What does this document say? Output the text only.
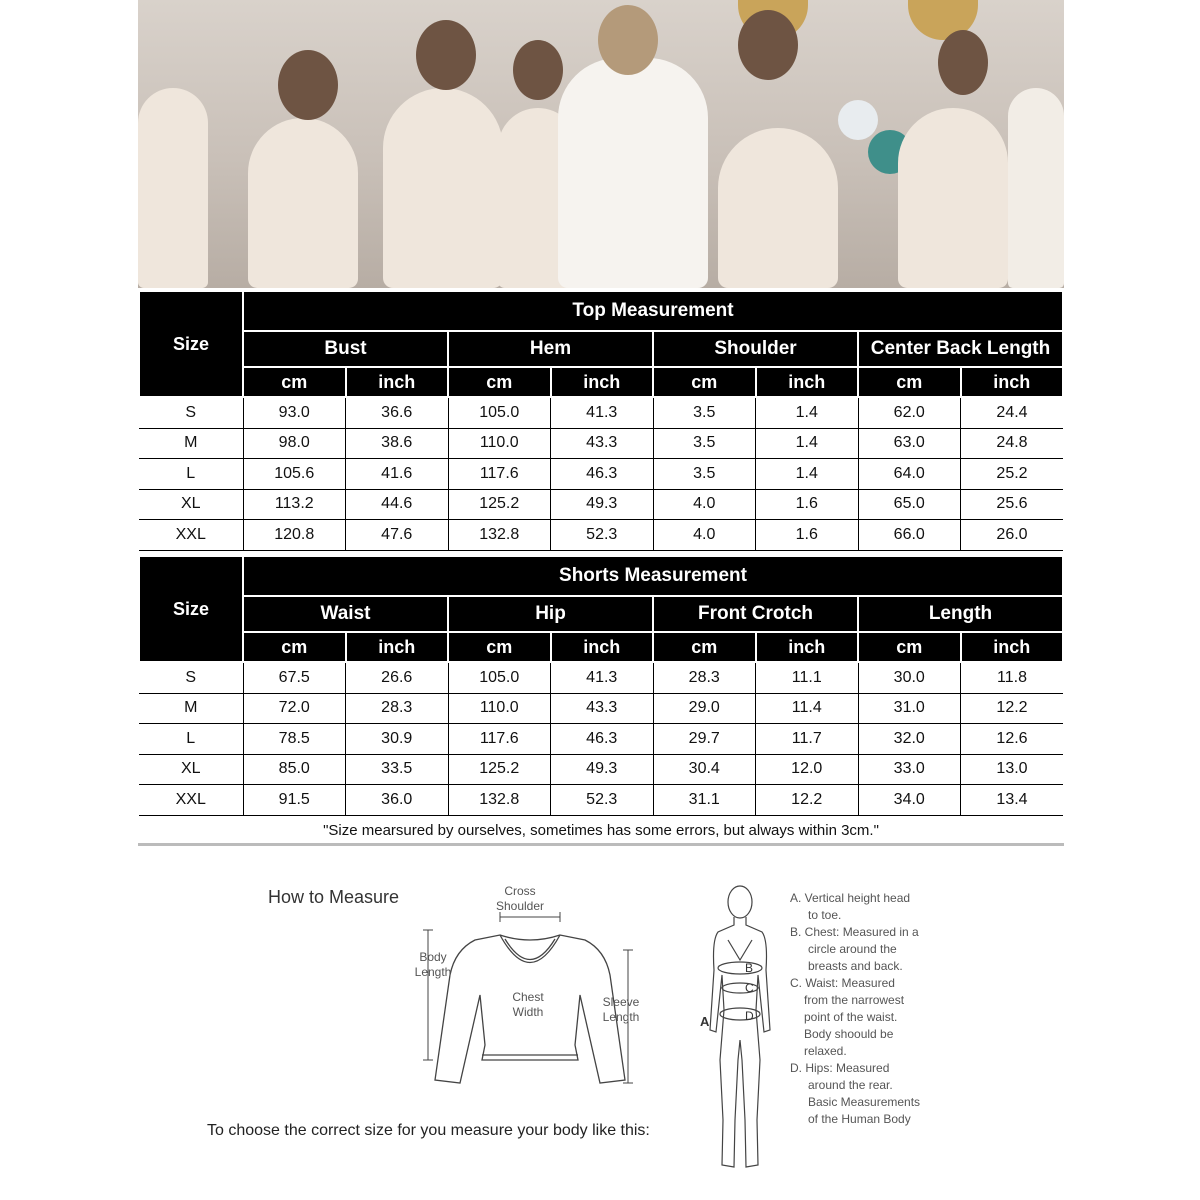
Size	Top Measurement							
	Bust		Hem		Shoulder		Center Back Length	
	cm	inch	cm	inch	cm	inch	cm	inch
S	93.0	36.6	105.0	41.3	3.5	1.4	62.0	24.4
M	98.0	38.6	110.0	43.3	3.5	1.4	63.0	24.8
L	105.6	41.6	117.6	46.3	3.5	1.4	64.0	25.2
XL	113.2	44.6	125.2	49.3	4.0	1.6	65.0	25.6
XXL	120.8	47.6	132.8	52.3	4.0	1.6	66.0	26.0
Size	Shorts Measurement							
	Waist		Hip		Front Crotch		Length	
	cm	inch	cm	inch	cm	inch	cm	inch
S	67.5	26.6	105.0	41.3	28.3	11.1	30.0	11.8
M	72.0	28.3	110.0	43.3	29.0	11.4	31.0	12.2
L	78.5	30.9	117.6	46.3	29.7	11.7	32.0	12.6
XL	85.0	33.5	125.2	49.3	30.4	12.0	33.0	13.0
XXL	91.5	36.0	132.8	52.3	31.1	12.2	34.0	13.4
"Size mearsured by ourselves, sometimes has some errors, but always within 3cm."
How to Measure	Cross
Shoulder
Body
Length
Chest
Width
Sleeve
Length
To choose the correct size for you measure your body like this:
B
C
D
A
A. Vertical height head
to toe.
B. Chest: Measured in a
circle around the
breasts and back.
C. Waist: Measured
from the narrowest
point of the waist.
Body shoould be
relaxed.
D. Hips: Measured
around the rear.
Basic Measurements
of the Human Body
